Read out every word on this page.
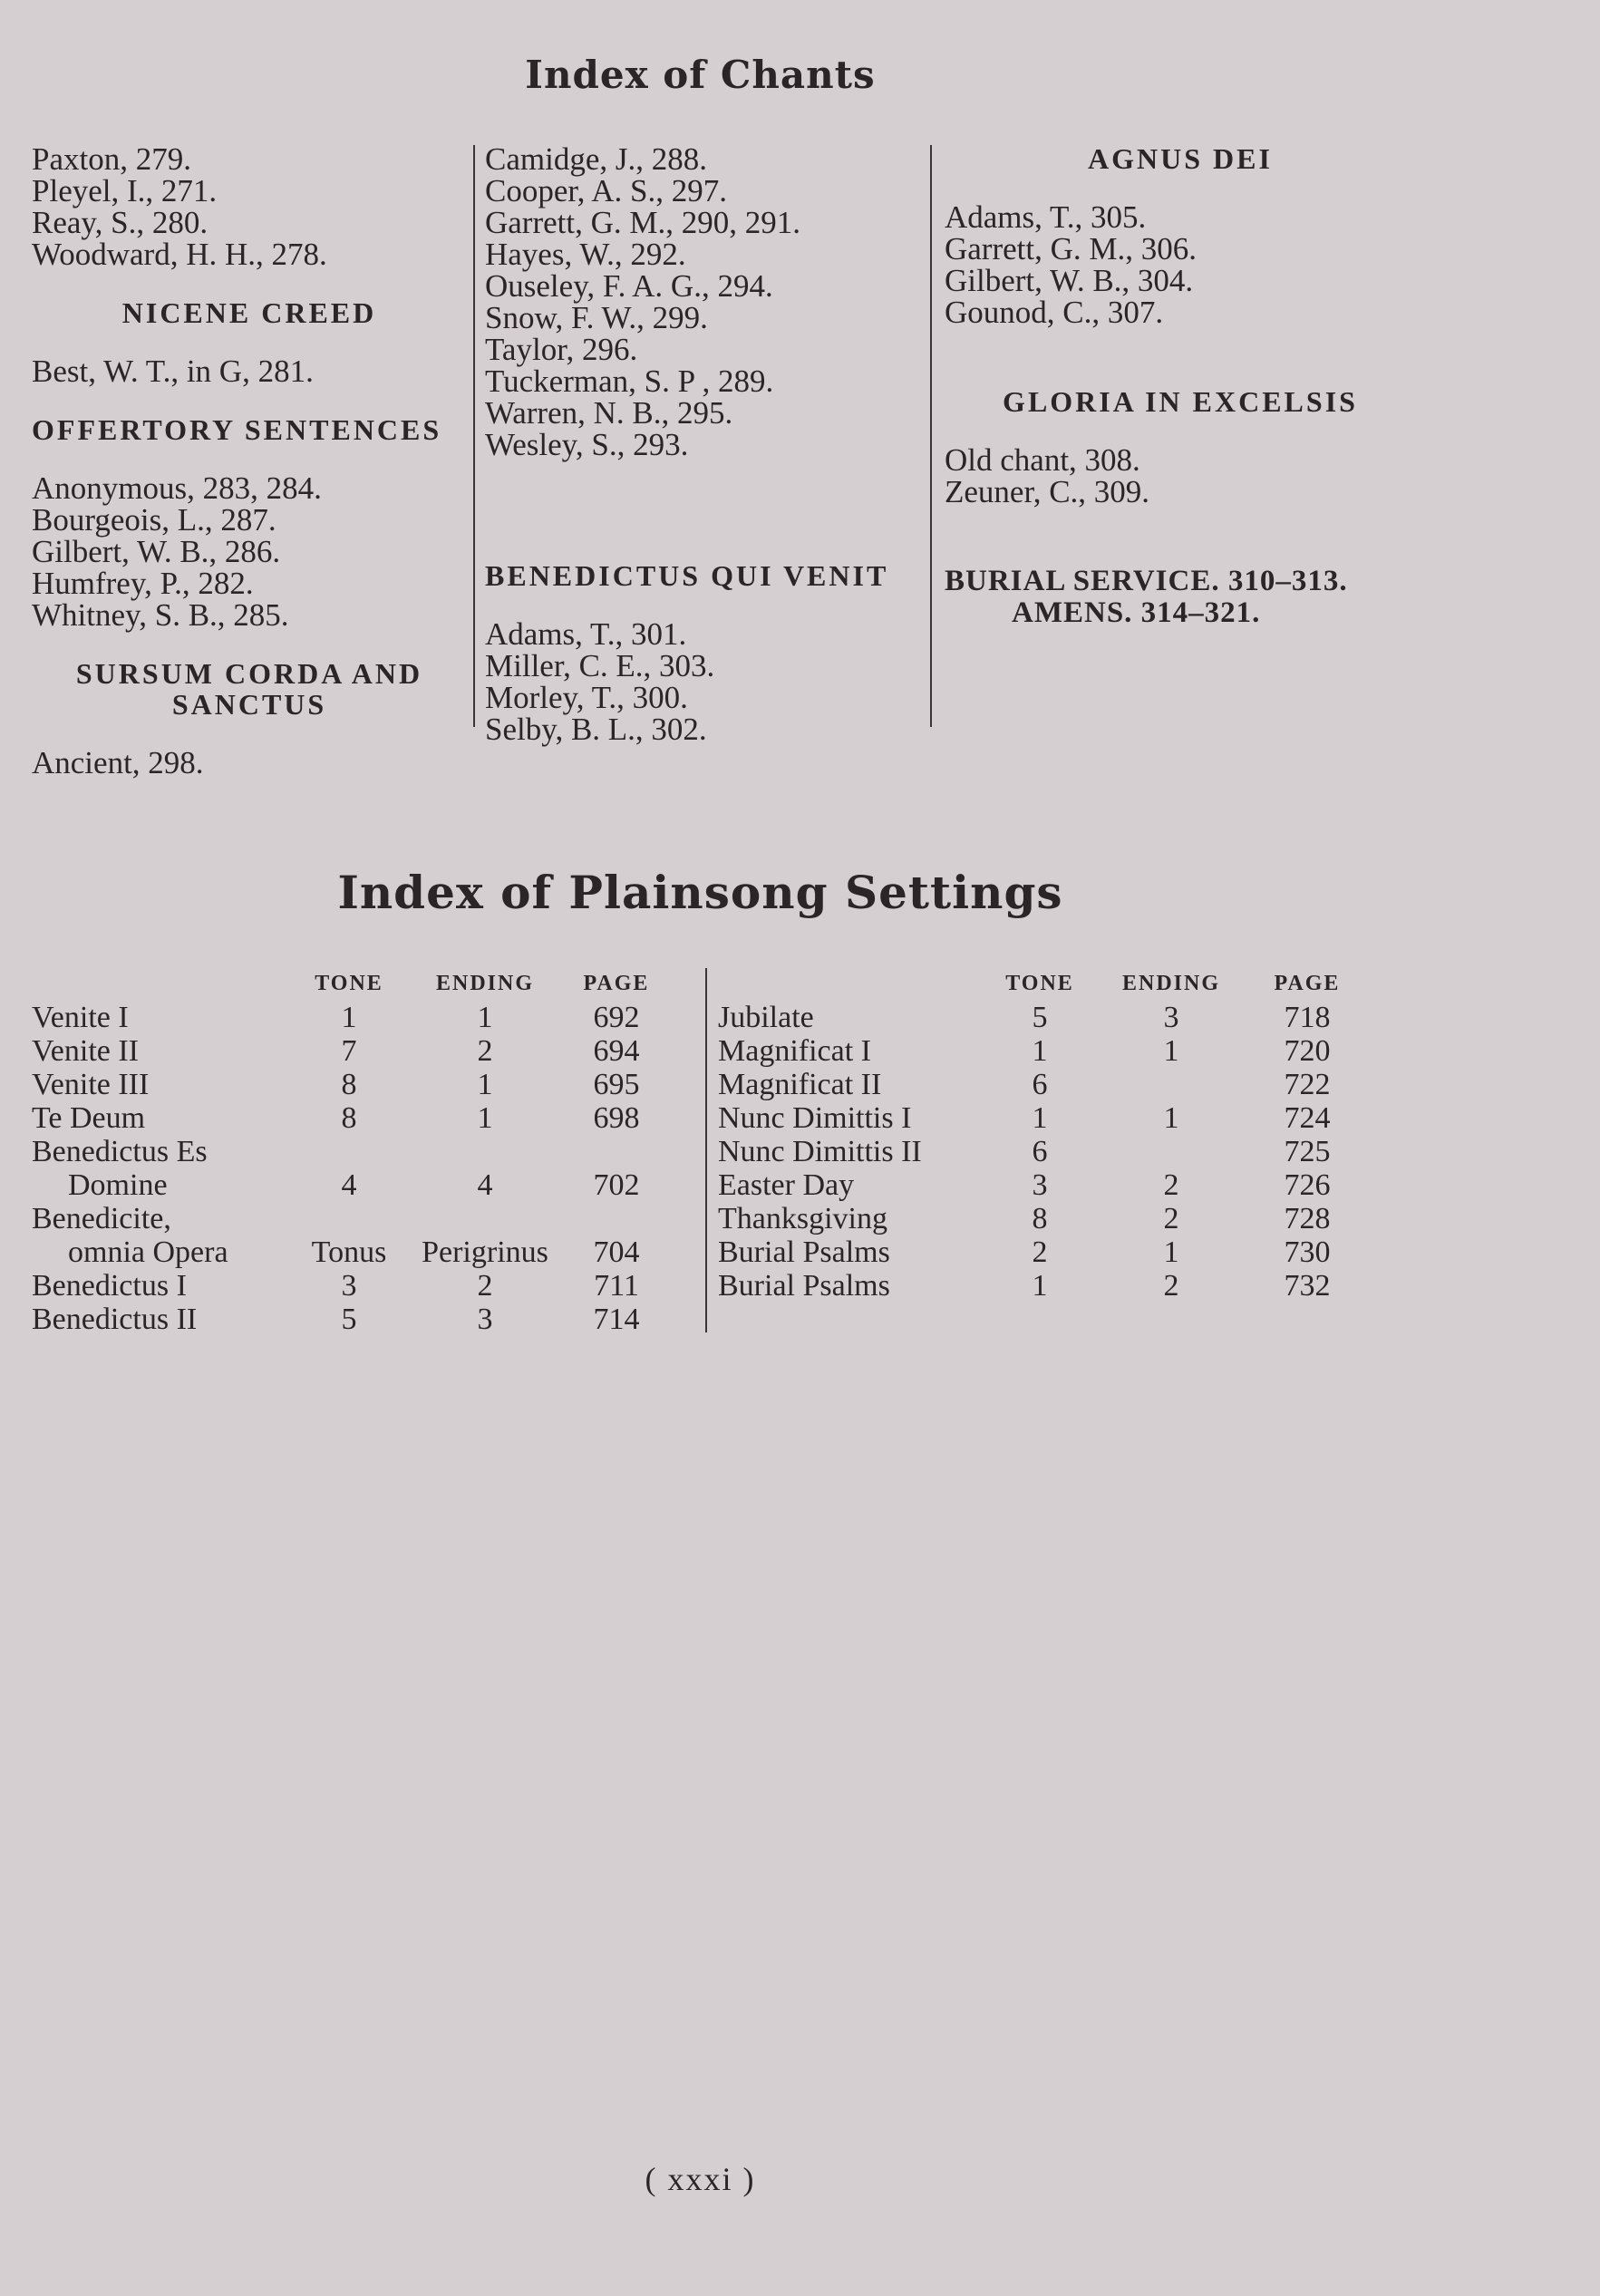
Index of Chants

Paxton, 279.

Pleyel, I., 271.

Reay, S., 280.

Woodward, H. H., 278.

NICENE CREED

Best, W. T., in G, 281.

OFFERTORY SENTENCES

Anonymous, 283, 284.

Bourgeois, L., 287.

Gilbert, W. B., 286.

Humfrey, P., 282.

Whitney, S. B., 285.

SURSUM CORDA AND

SANCTUS

Ancient, 298.

Camidge, J., 288.

Cooper, A. S., 297.

Garrett, G. M., 290, 291.

Hayes, W., 292.

Ouseley, F. A. G., 294.

Snow, F. W., 299.

Taylor, 296.

Tuckerman, S. P , 289.

Warren, N. B., 295.

Wesley, S., 293.

BENEDICTUS QUI VENIT

Adams, T., 301.

Miller, C. E., 303.

Morley, T., 300.

Selby, B. L., 302.

AGNUS DEI

Adams, T., 305.

Garrett, G. M., 306.

Gilbert, W. B., 304.

Gounod, C., 307.

GLORIA IN EXCELSIS

Old chant, 308.

Zeuner, C., 309.

BURIAL SERVICE. 310–313.

AMENS. 314–321.

Index of Plainsong Settings
	TONE	ENDING	PAGE
Venite I	1	1	692
Venite II	7	2	694
Venite III	8	1	695
Te Deum	8	1	698
Benedictus Es			
Domine	4	4	702
Benedicite,			
omnia Opera	Tonus	Perigrinus	704
Benedictus I	3	2	711
Benedictus II	5	3	714
	TONE	ENDING	PAGE
Jubilate	5	3	718
Magnificat I	1	1	720
Magnificat II	6		722
Nunc Dimittis I	1	1	724
Nunc Dimittis II	6		725
Easter Day	3	2	726
Thanksgiving	8	2	728
Burial Psalms	2	1	730
Burial Psalms	1	2	732
( xxxi )
